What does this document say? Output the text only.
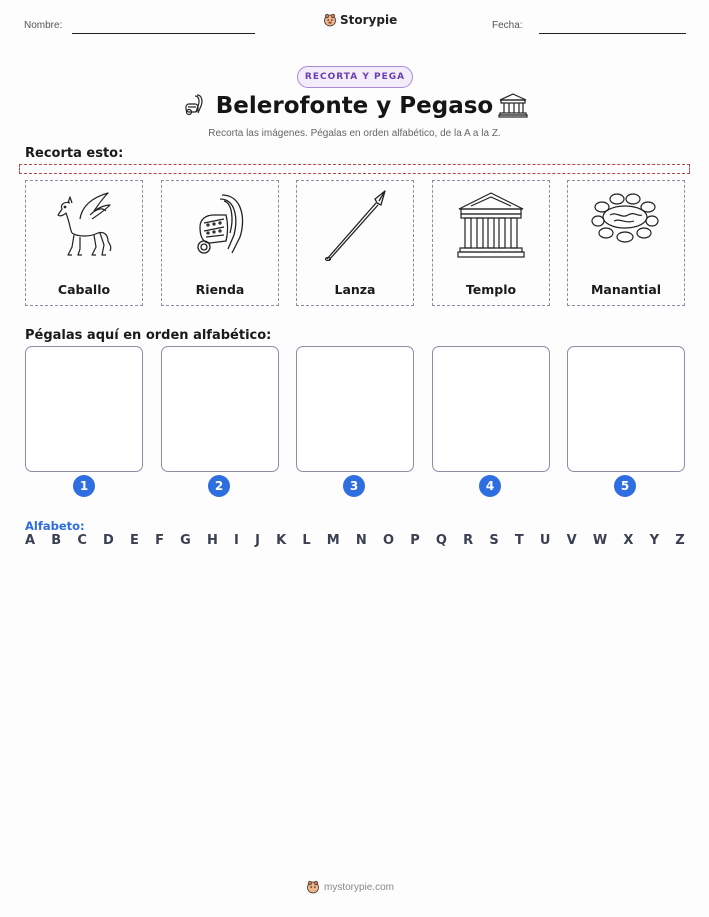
Nombre:	Storypie	Fecha:
RECORTA Y PEGA
Belerofonte y Pegaso
Recorta las imágenes. Pégalas en orden alfabético, de la A a la Z.
Recorta esto:
Caballo	Rienda	Lanza	Templo	Manantial
Pégalas aquí en orden alfabético:
1	2	3	4	5
Alfabeto:
A B C D E F G H I J K L M N O P Q R S T U V W X Y Z
mystorypie.com
